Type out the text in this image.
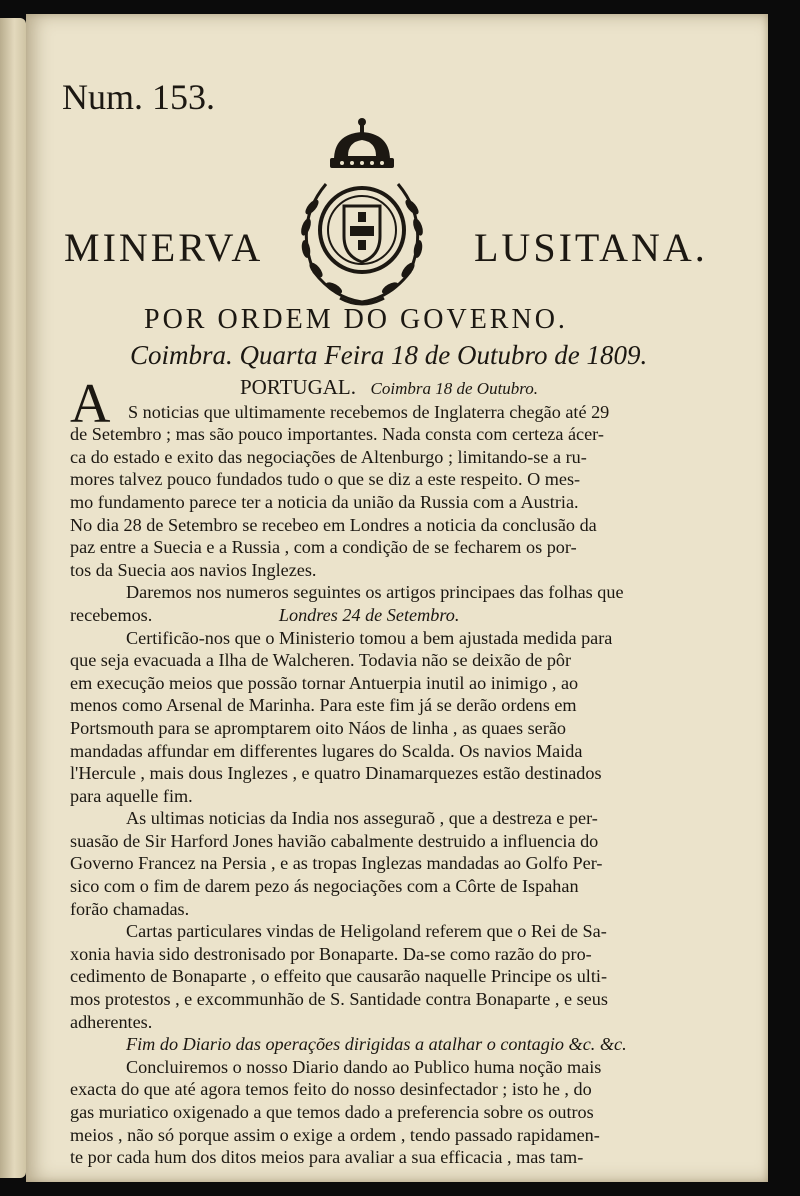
Num. 153.
MINERVA	LUSITANA.
POR ORDEM DO GOVERNO.
Coimbra. Quarta Feira 18 de Outubro de 1809.
A	PORTUGAL. Coimbra 18 de Outubro.
S noticias que ultimamente recebemos de Inglaterra chegão até 29
de Setembro ; mas são pouco importantes. Nada consta com certeza ácer-
ca do estado e exito das negociações de Altenburgo ; limitando-se a ru-
mores talvez pouco fundados tudo o que se diz a este respeito. O mes-
mo fundamento parece ter a noticia da união da Russia com a Austria.
No dia 28 de Setembro se recebeo em Londres a noticia da conclusão da
paz entre a Suecia e a Russia , com a condição de se fecharem os por-
tos da Suecia aos navios Inglezes.
Daremos nos numeros seguintes os artigos principaes das folhas que
recebemos.	Londres 24 de Setembro.
Certificão-nos que o Ministerio tomou a bem ajustada medida para
que seja evacuada a Ilha de Walcheren. Todavia não se deixão de pôr
em execução meios que possão tornar Antuerpia inutil ao inimigo , ao
menos como Arsenal de Marinha. Para este fim já se derão ordens em
Portsmouth para se apromptarem oito Náos de linha , as quaes serão
mandadas affundar em differentes lugares do Scalda. Os navios Maida
l'Hercule , mais dous Inglezes , e quatro Dinamarquezes estão destinados
para aquelle fim.
As ultimas noticias da India nos asseguraõ , que a destreza e per-
suasão de Sir Harford Jones havião cabalmente destruido a influencia do
Governo Francez na Persia , e as tropas Inglezas mandadas ao Golfo Per-
sico com o fim de darem pezo ás negociações com a Côrte de Ispahan
forão chamadas.
Cartas particulares vindas de Heligoland referem que o Rei de Sa-
xonia havia sido destronisado por Bonaparte. Da-se como razão do pro-
cedimento de Bonaparte , o effeito que causarão naquelle Principe os ulti-
mos protestos , e excommunhão de S. Santidade contra Bonaparte , e seus
adherentes.
Fim do Diario das operações dirigidas a atalhar o contagio &c. &c.
Concluiremos o nosso Diario dando ao Publico huma noção mais
exacta do que até agora temos feito do nosso desinfectador ; isto he , do
gas muriatico oxigenado a que temos dado a preferencia sobre os outros
meios , não só porque assim o exige a ordem , tendo passado rapidamen-
te por cada hum dos ditos meios para avaliar a sua efficacia , mas tam-
